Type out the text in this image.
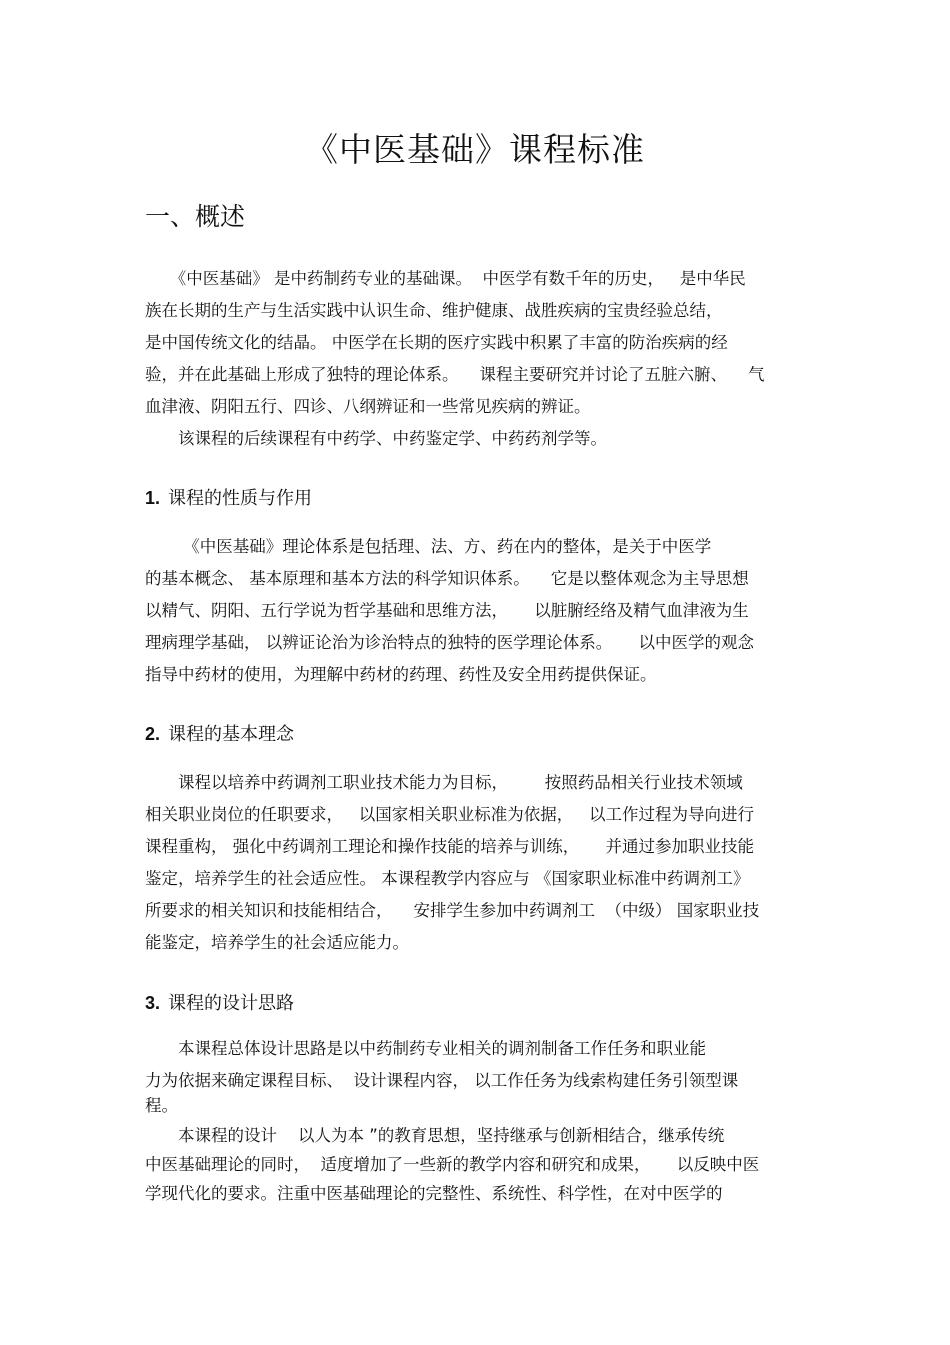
《中医基础》课程标准
一、概述
　　《中医基础》 是中药制药专业的基础课。  中医学有数千年的历史，   是中华民
族在长期的生产与生活实践中认识生命、维护健康、战胜疾病的宝贵经验总结，
是中国传统文化的结晶。 中医学在长期的医疗实践中积累了丰富的防治疾病的经
验，并在此基础上形成了独特的理论体系。    课程主要研究并讨论了五脏六腑、    气
血津液、阴阳五行、四诊、八纲辨证和一些常见疾病的辨证。
　　该课程的后续课程有中药学、中药鉴定学、中药药剂学等。
1. 课程的性质与作用
　　 《中医基础》理论体系是包括理、法、方、药在内的整体，是关于中医学
的基本概念、 基本原理和基本方法的科学知识体系。    它是以整体观念为主导思想
以精气、阴阳、五行学说为哲学基础和思维方法，     以脏腑经络及精气血津液为生
理病理学基础， 以辨证论治为诊治特点的独特的医学理论体系。     以中医学的观念
指导中药材的使用，为理解中药材的药理、药性及安全用药提供保证。
2. 课程的基本理念
　　课程以培养中药调剂工职业技术能力为目标，       按照药品相关行业技术领域
相关职业岗位的任职要求，   以国家相关职业标准为依据，   以工作过程为导向进行
课程重构， 强化中药调剂工理论和操作技能的培养与训练，     并通过参加职业技能
鉴定，培养学生的社会适应性。 本课程教学内容应与 《国家职业标准中药调剂工》
所要求的相关知识和技能相结合，    安排学生参加中药调剂工  （中级） 国家职业技
能鉴定，培养学生的社会适应能力。
3. 课程的设计思路
　　本课程总体设计思路是以中药制药专业相关的调剂制备工作任务和职业能
力为依据来确定课程目标、  设计课程内容， 以工作任务为线索构建任务引领型课
程。
　　本课程的设计    以人为本 ”的教育思想，坚持继承与创新相结合，继承传统
中医基础理论的同时，  适度增加了一些新的教学内容和研究和成果，     以反映中医
学现代化的要求。注重中医基础理论的完整性、系统性、科学性，在对中医学的
